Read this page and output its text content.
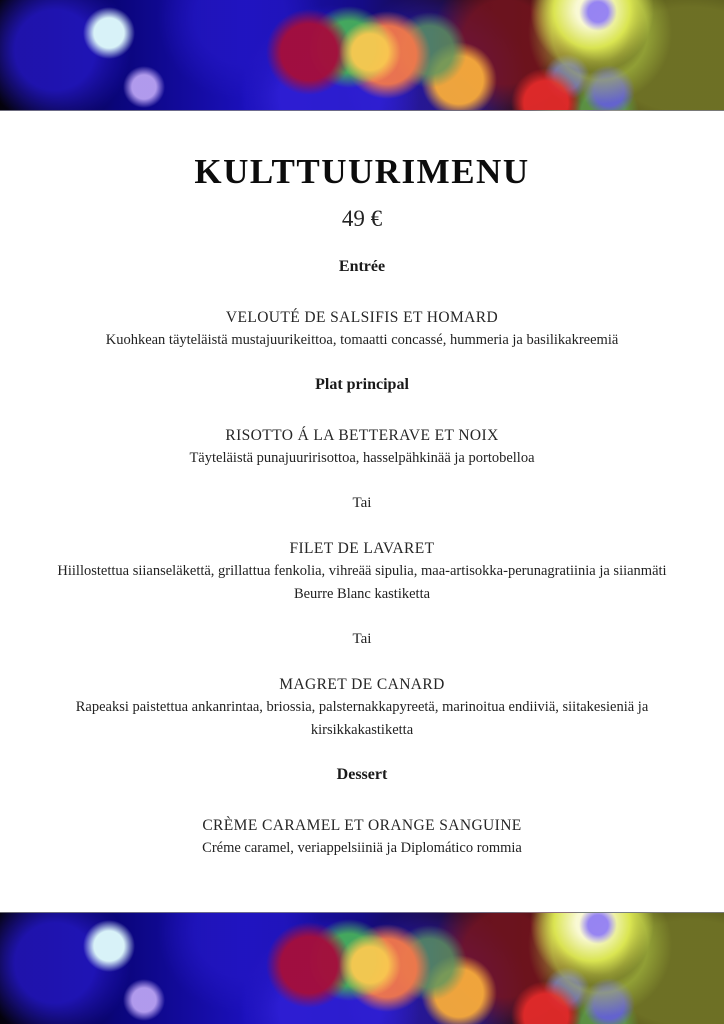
KULTTUURIMENU
49 €
Entrée
VELOUTÉ DE SALSIFIS ET HOMARD
Kuohkean täyteläistä mustajuurikeittoa, tomaatti concassé, hummeria ja basilikakreemiä
Plat principal
RISOTTO Á LA BETTERAVE ET NOIX
Täyteläistä punajuuririsottoa, hasselpähkinää ja portobelloa
Tai
FILET DE LAVARET
Hiillostettua siianseläkettä, grillattua fenkolia, vihreää sipulia, maa-artisokka-perunagratiinia ja siianmäti Beurre Blanc kastiketta
Tai
MAGRET DE CANARD
Rapeaksi paistettua ankanrintaa, briossia, palsternakkapyreetä, marinoitua endiiviä, siitakesieniä ja kirsikkakastiketta
Dessert
CRÈME CARAMEL ET ORANGE SANGUINE
Créme caramel, veriappelsiiniä ja Diplomático rommia
